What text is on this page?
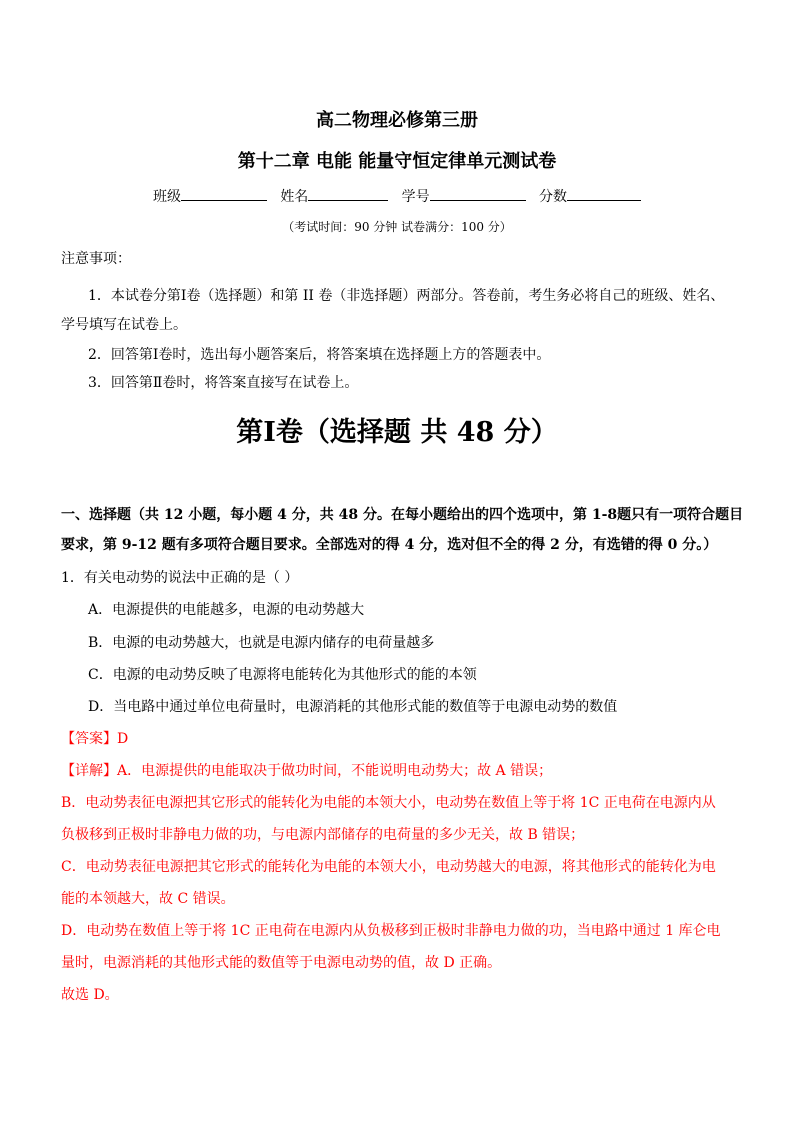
高二物理必修第三册
第十二章 电能 能量守恒定律单元测试卷
班级	姓名	学号	分数
（考试时间：90 分钟 试卷满分：100 分）
注意事项：
1．本试卷分第Ⅰ卷（选择题）和第 II 卷（非选择题）两部分。答卷前，考生务必将自己的班级、姓名、
学号填写在试卷上。
2．回答第Ⅰ卷时，选出每小题答案后，将答案填在选择题上方的答题表中。
3．回答第Ⅱ卷时，将答案直接写在试卷上。
第Ⅰ卷（选择题 共 48 分）
一、选择题（共 12 小题，每小题 4 分，共 48 分。在每小题给出的四个选项中，第 1-8题只有一项符合题目
要求，第 9-12 题有多项符合题目要求。全部选对的得 4 分，选对但不全的得 2 分，有选错的得 0 分。）
1．有关电动势的说法中正确的是（ ）
A．电源提供的电能越多，电源的电动势越大
B．电源的电动势越大，也就是电源内储存的电荷量越多
C．电源的电动势反映了电源将电能转化为其他形式的能的本领
D．当电路中通过单位电荷量时，电源消耗的其他形式能的数值等于电源电动势的数值
【答案】D
【详解】A．电源提供的电能取决于做功时间，不能说明电动势大；故 A 错误；
B．电动势表征电源把其它形式的能转化为电能的本领大小，电动势在数值上等于将 1C 正电荷在电源内从
负极移到正极时非静电力做的功，与电源内部储存的电荷量的多少无关，故 B 错误；
C．电动势表征电源把其它形式的能转化为电能的本领大小，电动势越大的电源，将其他形式的能转化为电
能的本领越大，故 C 错误。
D．电动势在数值上等于将 1C 正电荷在电源内从负极移到正极时非静电力做的功，当电路中通过 1 库仑电
量时，电源消耗的其他形式能的数值等于电源电动势的值，故 D 正确。
故选 D。
